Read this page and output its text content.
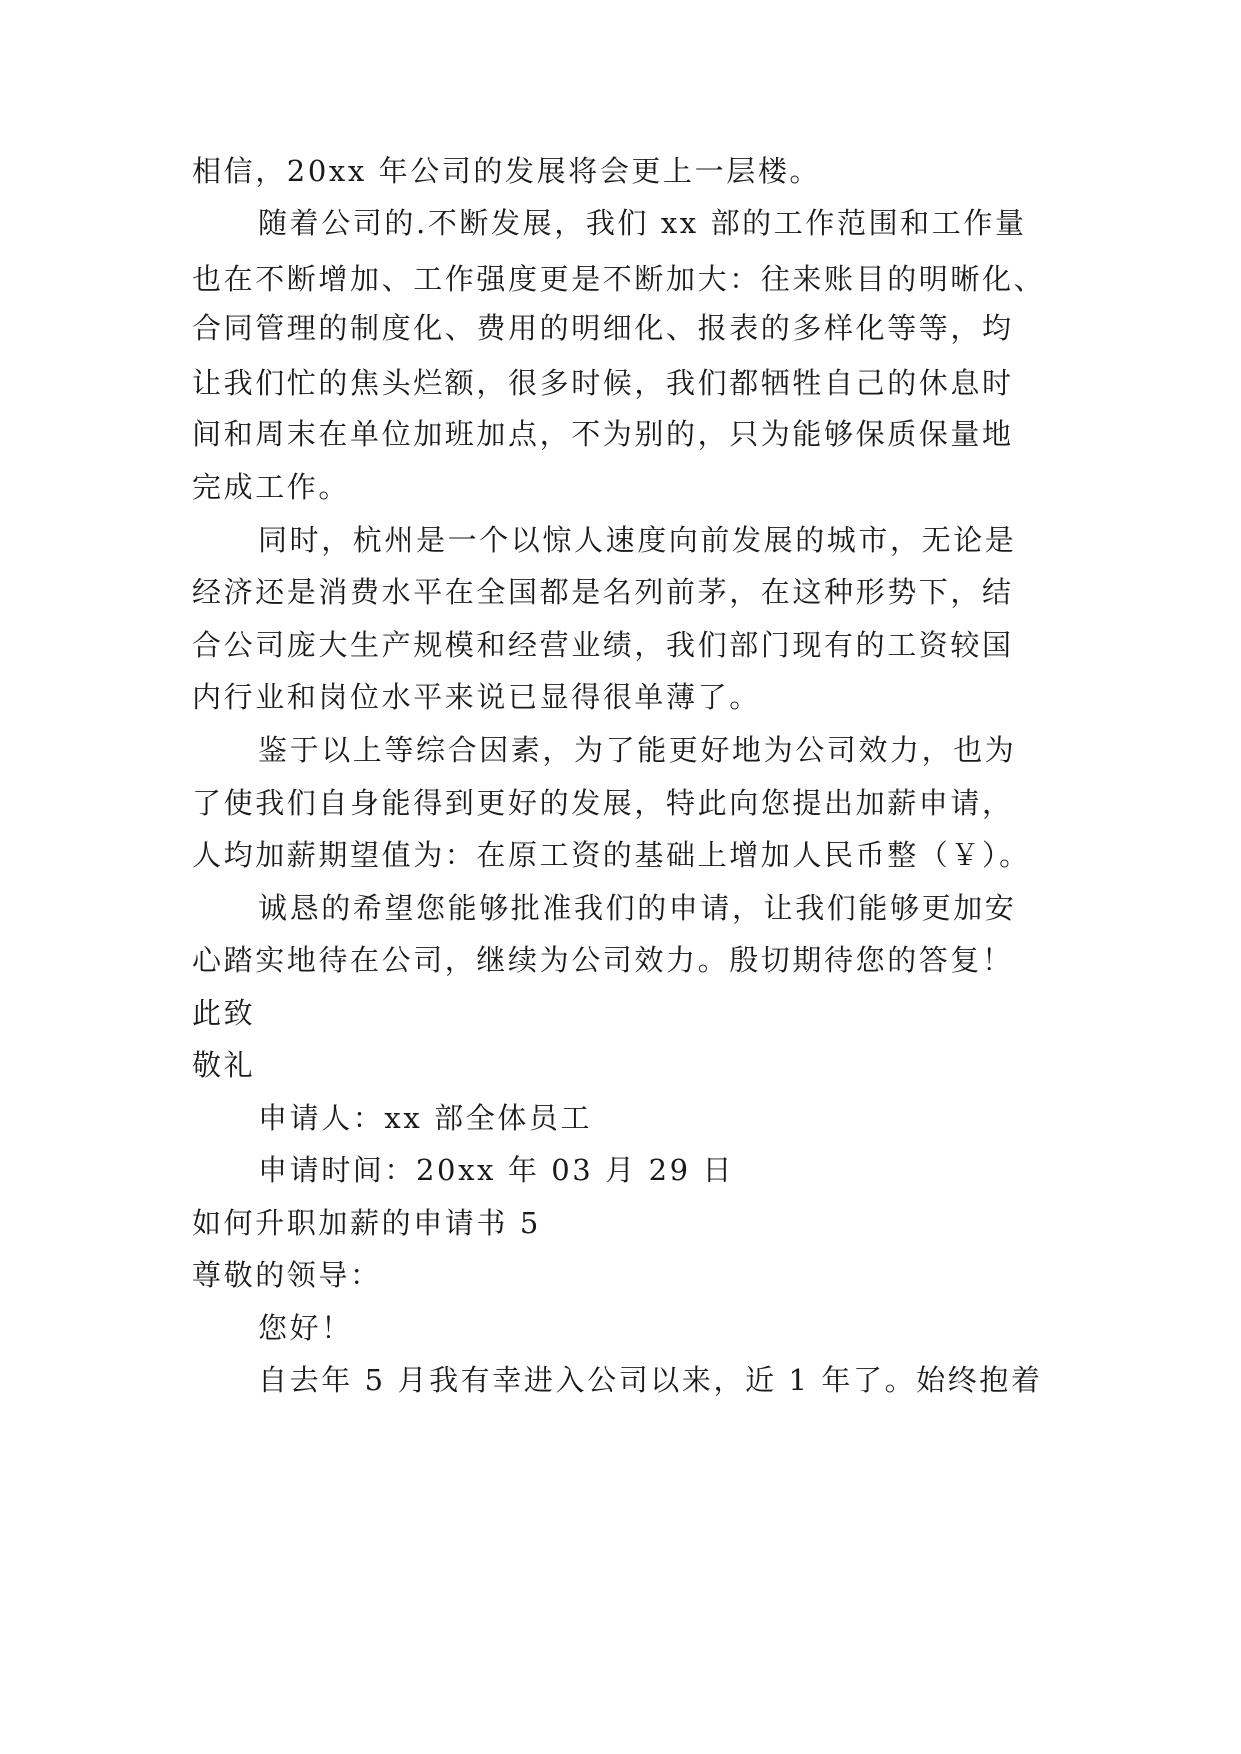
相信，20xx 年公司的发展将会更上一层楼。
随着公司的.不断发展，我们 xx 部的工作范围和工作量
也在不断增加、工作强度更是不断加大：往来账目的明晰化、
合同管理的制度化、费用的明细化、报表的多样化等等，均
让我们忙的焦头烂额，很多时候，我们都牺牲自己的休息时
间和周末在单位加班加点，不为别的，只为能够保质保量地
完成工作。
同时，杭州是一个以惊人速度向前发展的城市，无论是
经济还是消费水平在全国都是名列前茅，在这种形势下，结
合公司庞大生产规模和经营业绩，我们部门现有的工资较国
内行业和岗位水平来说已显得很单薄了。
鉴于以上等综合因素，为了能更好地为公司效力，也为
了使我们自身能得到更好的发展，特此向您提出加薪申请，
人均加薪期望值为：在原工资的基础上增加人民币整（￥）。
诚恳的希望您能够批准我们的申请，让我们能够更加安
心踏实地待在公司，继续为公司效力。殷切期待您的答复！
此致
敬礼
申请人：xx 部全体员工
申请时间：20xx 年 03 月 29 日
如何升职加薪的申请书 5
尊敬的领导：
您好！
自去年 5 月我有幸进入公司以来，近 1 年了。始终抱着
